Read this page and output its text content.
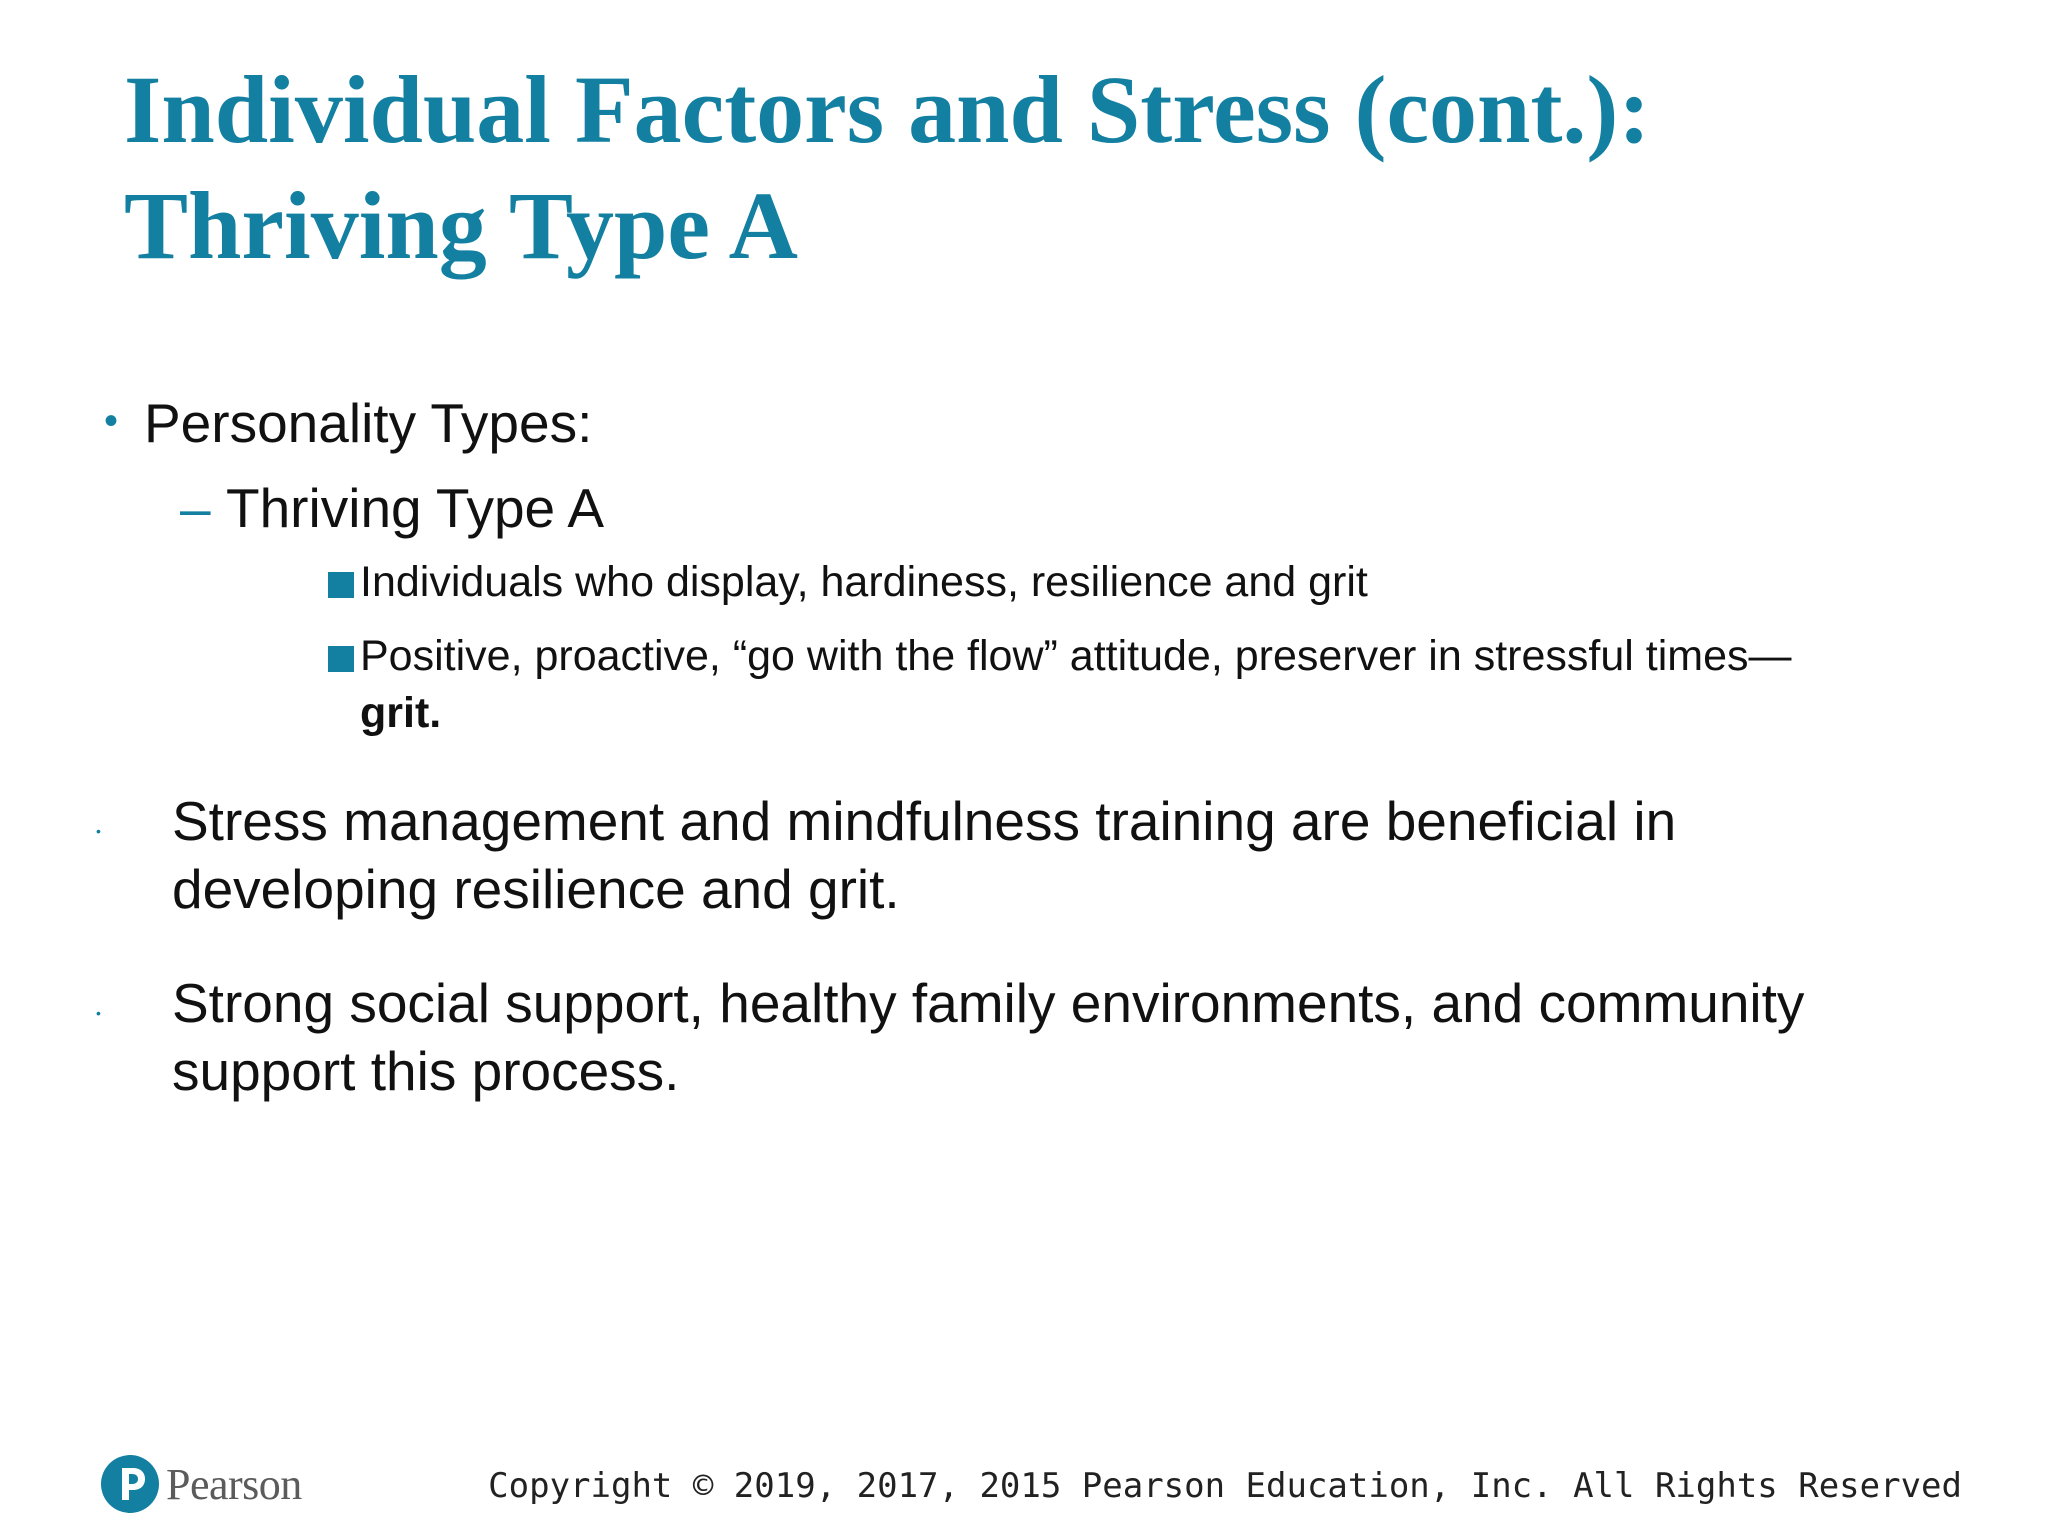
Individual Factors and Stress (cont.):
Thriving Type A
• Personality Types:
– Thriving Type A
Individuals who display, hardiness, resilience and grit
Positive, proactive, “go with the flow” attitude, preserver in stressful times—
grit.
• Stress management and mindfulness training are beneficial in
developing resilience and grit.
• Strong social support, healthy family environments, and community
support this process.
Pearson	Copyright © 2019, 2017, 2015 Pearson Education, Inc. All Rights Reserved
